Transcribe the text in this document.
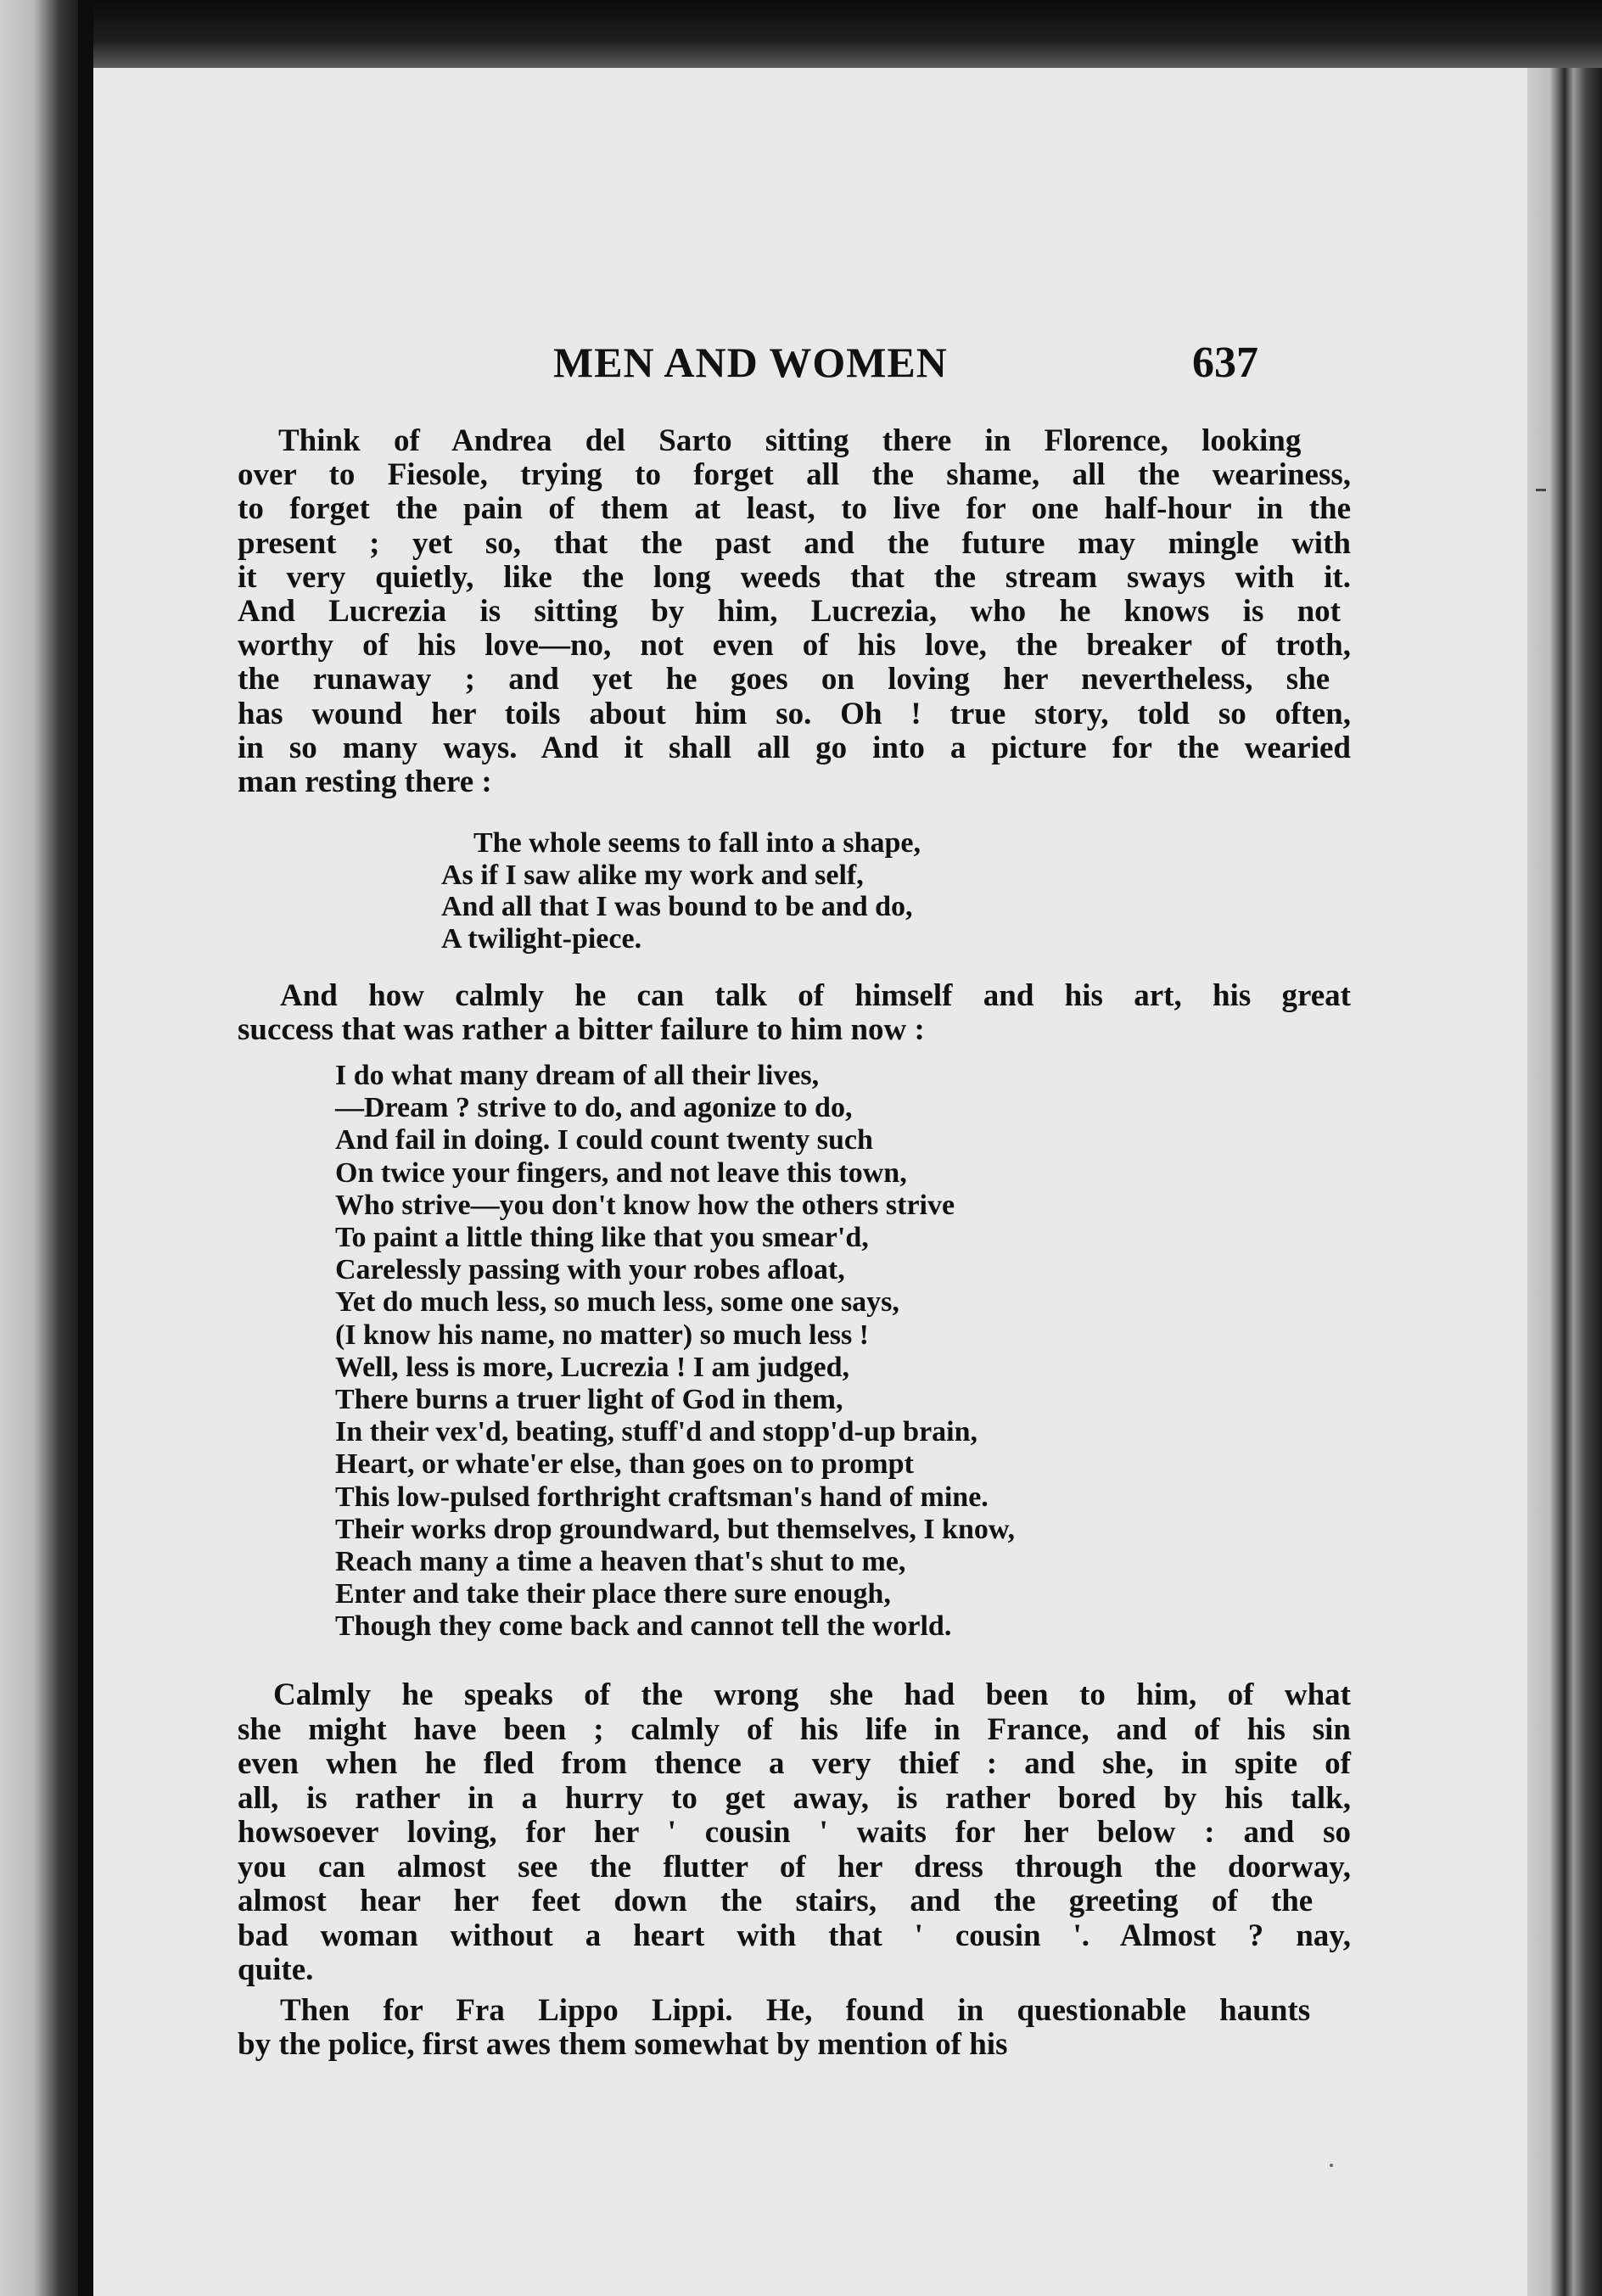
MEN AND WOMEN	637
Think of Andrea del Sarto sitting there in Florence, looking
over to Fiesole, trying to forget all the shame, all the weariness,
to forget the pain of them at least, to live for one half-hour in the
present ; yet so, that the past and the future may mingle with
it very quietly, like the long weeds that the stream sways with it.
And Lucrezia is sitting by him, Lucrezia, who he knows is not
worthy of his love—no, not even of his love, the breaker of troth,
the runaway ; and yet he goes on loving her nevertheless, she
has wound her toils about him so. Oh ! true story, told so often,
in so many ways. And it shall all go into a picture for the wearied
man resting there :
The whole seems to fall into a shape,
As if I saw alike my work and self,
And all that I was bound to be and do,
A twilight-piece.
And how calmly he can talk of himself and his art, his great
success that was rather a bitter failure to him now :
I do what many dream of all their lives,
—Dream ? strive to do, and agonize to do,
And fail in doing. I could count twenty such
On twice your fingers, and not leave this town,
Who strive—you don't know how the others strive
To paint a little thing like that you smear'd,
Carelessly passing with your robes afloat,
Yet do much less, so much less, some one says,
(I know his name, no matter) so much less !
Well, less is more, Lucrezia ! I am judged,
There burns a truer light of God in them,
In their vex'd, beating, stuff'd and stopp'd-up brain,
Heart, or whate'er else, than goes on to prompt
This low-pulsed forthright craftsman's hand of mine.
Their works drop groundward, but themselves, I know,
Reach many a time a heaven that's shut to me,
Enter and take their place there sure enough,
Though they come back and cannot tell the world.
Calmly he speaks of the wrong she had been to him, of what
she might have been ; calmly of his life in France, and of his sin
even when he fled from thence a very thief : and she, in spite of
all, is rather in a hurry to get away, is rather bored by his talk,
howsoever loving, for her ' cousin ' waits for her below : and so
you can almost see the flutter of her dress through the doorway,
almost hear her feet down the stairs, and the greeting of the
bad woman without a heart with that ' cousin '. Almost ? nay,
quite.
Then for Fra Lippo Lippi. He, found in questionable haunts
by the police, first awes them somewhat by mention of his
